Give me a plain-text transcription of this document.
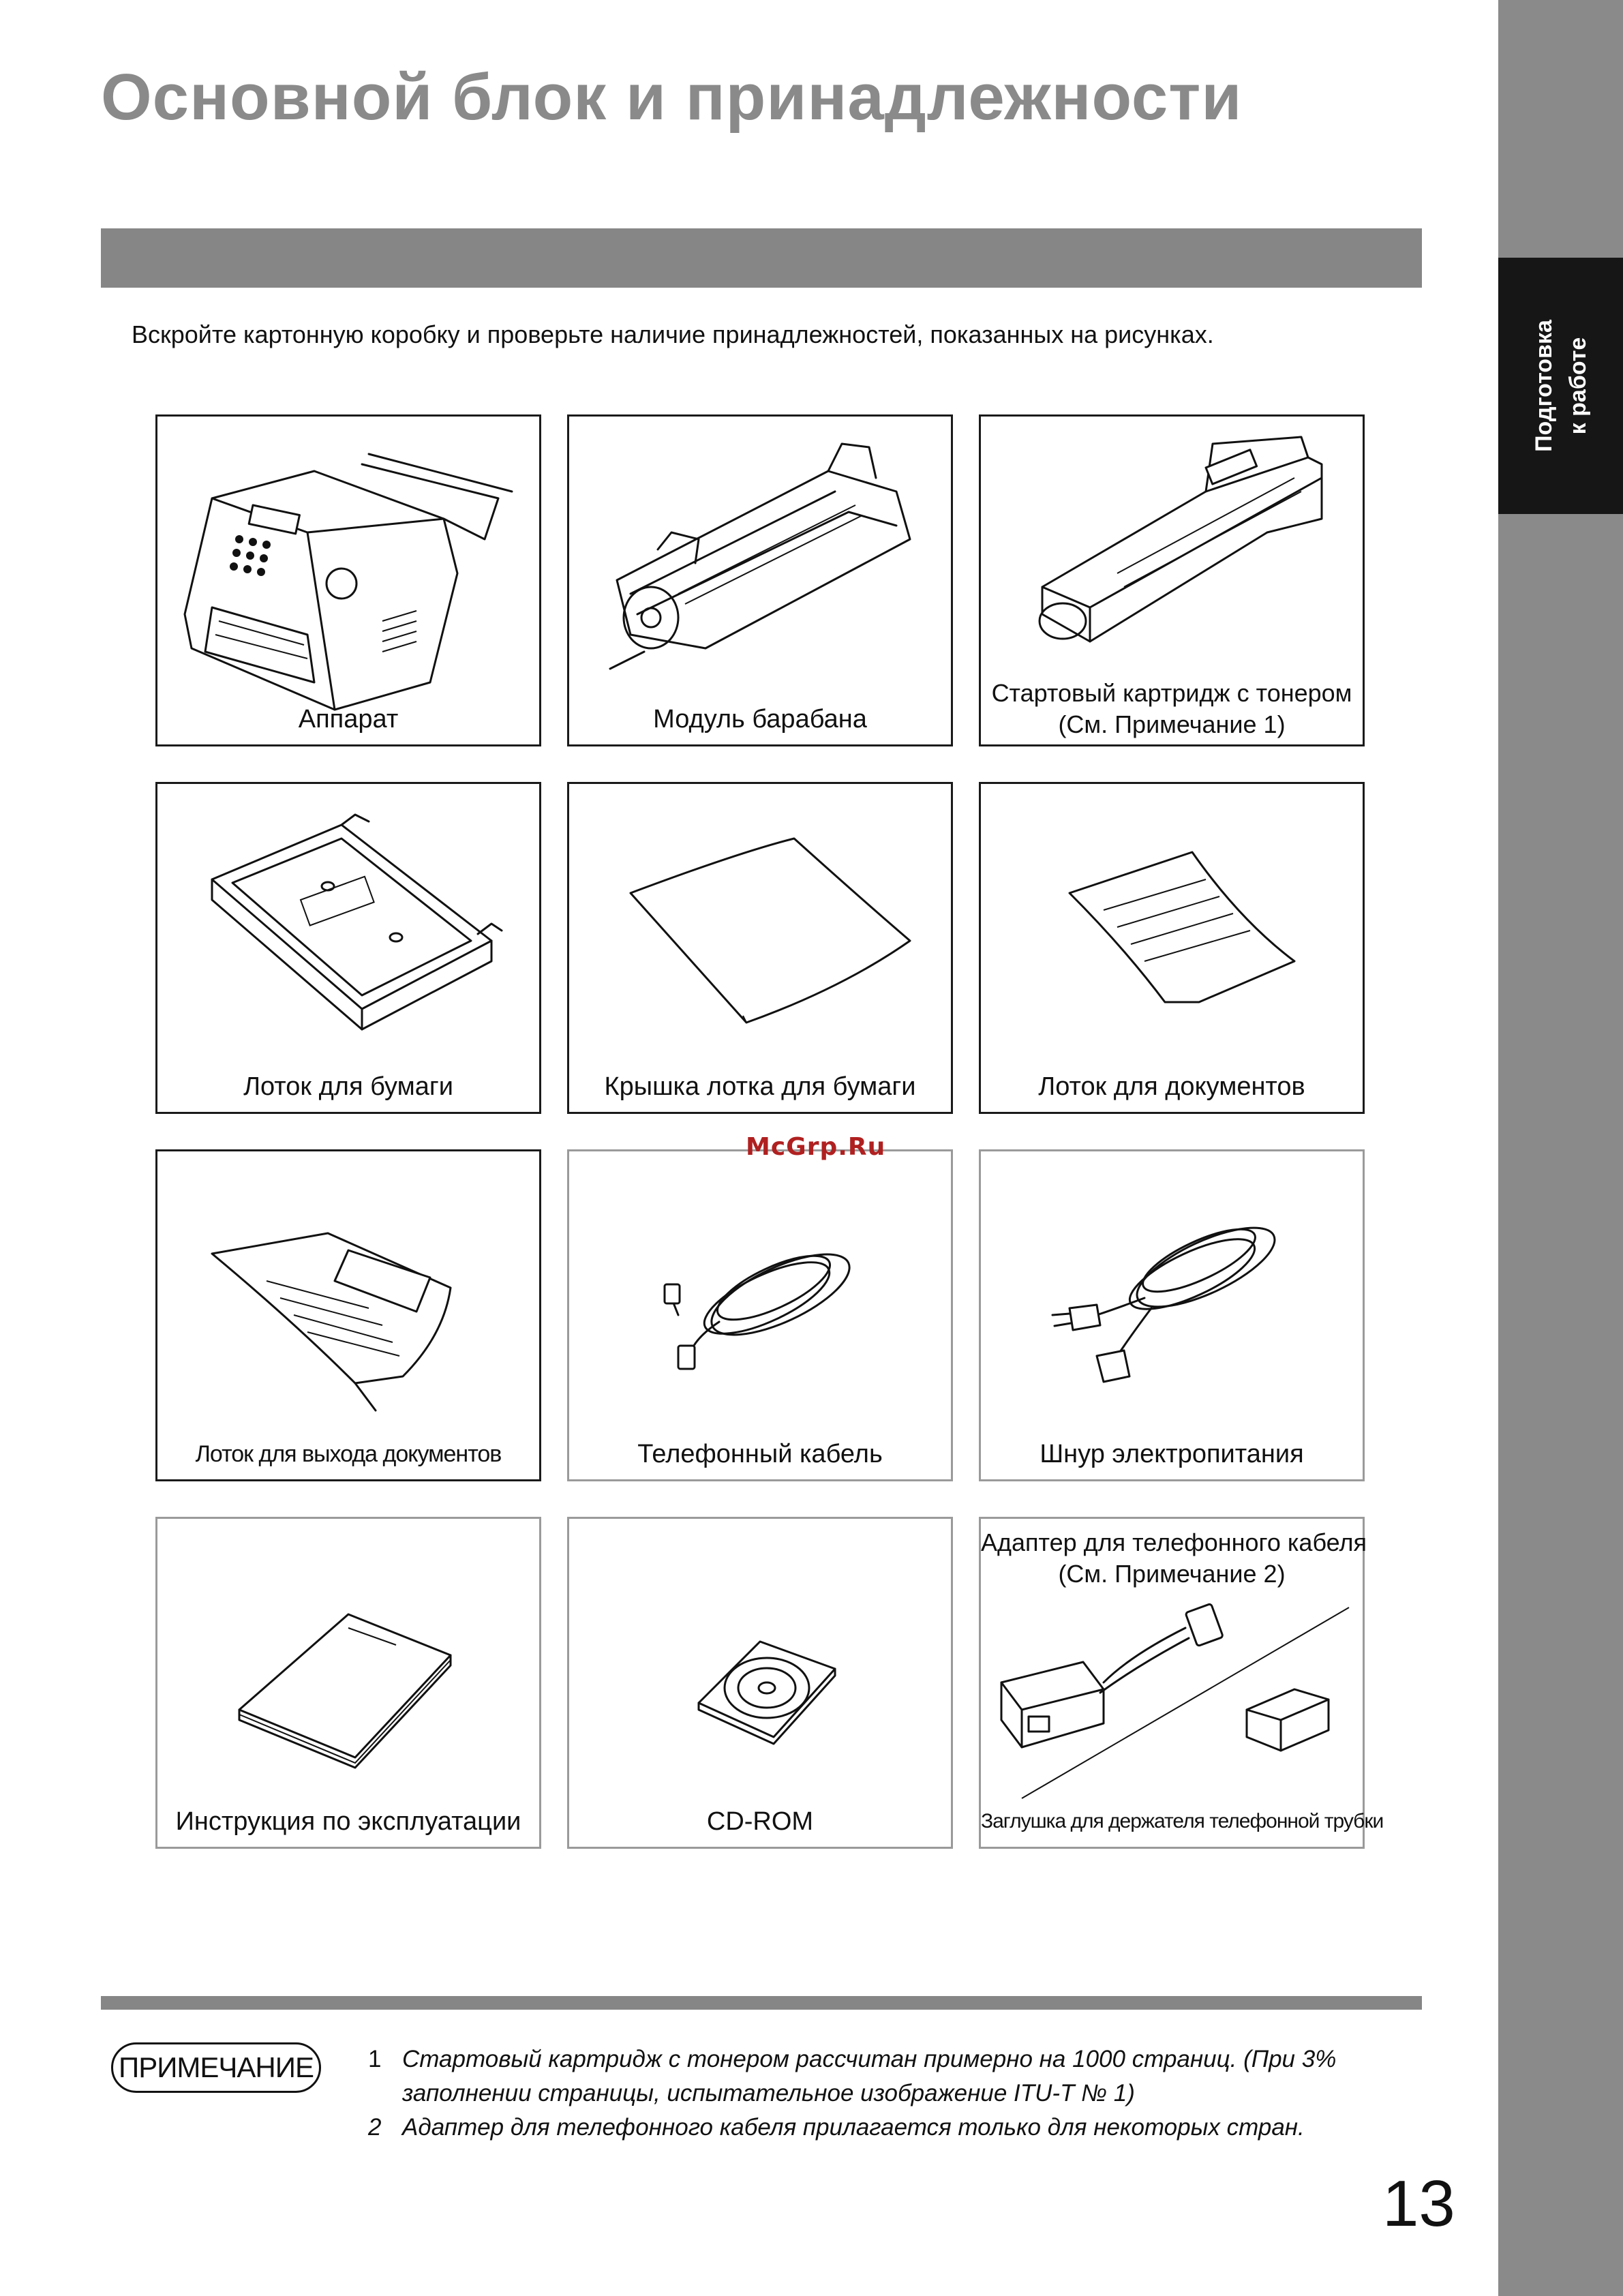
Основной блок и принадлежности
Подготовка к работе

Вскройте картонную коробку и проверьте наличие принадлежностей, показанных на рисунках.

Аппарат	Модуль барабана
Стартовый картридж с тонером
(См. Примечание 1)
Лоток для бумаги	Крышка лотка для бумаги	Лоток для документов
Лоток для выхода документов	Телефонный кабель	Шнур электропитания
Инструкция по эксплуатации	CD-ROM
Адаптер для телефонного кабеля
(См. Примечание 2)
Заглушка для держателя телефонной трубки
McGrp.Ru
ПРИМЕЧАНИЕ	1 Стартовый картридж с тонером рассчитан примерно на 1000 страниц. (При 3% заполнении страницы, испытательное изображение ITU-T № 1)
2 Адаптер для телефонного кабеля прилагается только для некоторых стран.
13
